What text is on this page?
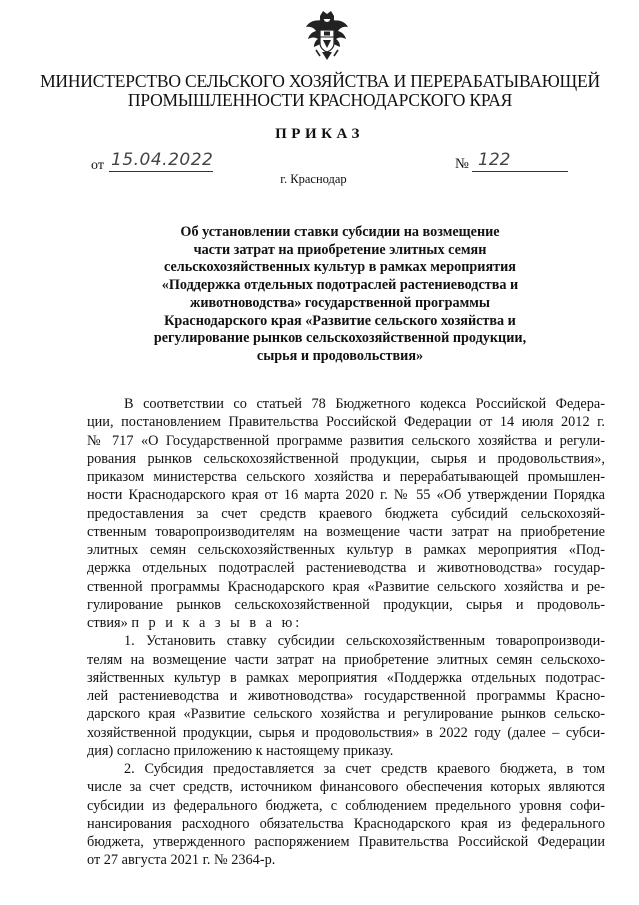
МИНИСТЕРСТВО СЕЛЬСКОГО ХОЗЯЙСТВА И ПЕРЕРАБАТЫВАЮЩЕЙ
ПРОМЫШЛЕННОСТИ КРАСНОДАРСКОГО КРАЯ
ПРИКАЗ
от 15.04.2022
г. Краснодар
№ 122
Об установлении ставки субсидии на возмещение
части затрат на приобретение элитных семян
сельскохозяйственных культур в рамках мероприятия
«Поддержка отдельных подотраслей растениеводства и
животноводства» государственной программы
Краснодарского края «Развитие сельского хозяйства и
регулирование рынков сельскохозяйственной продукции,
сырья и продовольствия»
В соответствии со статьей 78 Бюджетного кодекса Российской Федера-
ции, постановлением Правительства Российской Федерации от 14 июля 2012 г.
№ 717 «О Государственной программе развития сельского хозяйства и регули-
рования рынков сельскохозяйственной продукции, сырья и продовольствия»,
приказом министерства сельского хозяйства и перерабатывающей промышлен-
ности Краснодарского края от 16 марта 2020 г. № 55 «Об утверждении Порядка
предоставления за счет средств краевого бюджета субсидий сельскохозяй-
ственным товаропроизводителям на возмещение части затрат на приобретение
элитных семян сельскохозяйственных культур в рамках мероприятия «Под-
держка отдельных подотраслей растениеводства и животноводства» государ-
ственной программы Краснодарского края «Развитие сельского хозяйства и ре-
гулирование рынков сельскохозяйственной продукции, сырья и продоволь-
ствия» п р и к а з ы в а ю:
1. Установить ставку субсидии сельскохозяйственным товаропроизводи-
телям на возмещение части затрат на приобретение элитных семян сельскохо-
зяйственных культур в рамках мероприятия «Поддержка отдельных подотрас-
лей растениеводства и животноводства» государственной программы Красно-
дарского края «Развитие сельского хозяйства и регулирование рынков сельско-
хозяйственной продукции, сырья и продовольствия» в 2022 году (далее – субси-
дия) согласно приложению к настоящему приказу.
2. Субсидия предоставляется за счет средств краевого бюджета, в том
числе за счет средств, источником финансового обеспечения которых являются
субсидии из федерального бюджета, с соблюдением предельного уровня софи-
нансирования расходного обязательства Краснодарского края из федерального
бюджета, утвержденного распоряжением Правительства Российской Федерации
от 27 августа 2021 г. № 2364-р.
